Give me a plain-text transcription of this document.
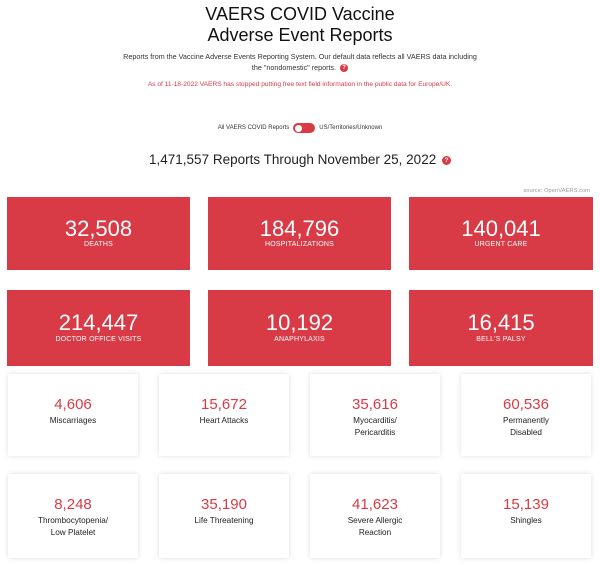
VAERS COVID Vaccine
Adverse Event Reports
Reports from the Vaccine Adverse Events Reporting System. Our default data reflects all VAERS data including the "nondomestic" reports. ?
As of 11-18-2022 VAERS has stopped putting free text field information in the public data for Europe/UK.
All VAERS COVID Reports	US/Territories/Unknown
1,471,557 Reports Through November 25, 2022 ?
source: OpenVAERS.com
32,508
DEATHS
184,796
HOSPITALIZATIONS
140,041
URGENT CARE
214,447
DOCTOR OFFICE VISITS
10,192
ANAPHYLAXIS
16,415
BELL'S PALSY
4,606
Miscarriages
15,672
Heart Attacks
35,616
Myocarditis/
Pericarditis
60,536
Permanently
Disabled
8,248
Thrombocytopenia/
Low Platelet
35,190
Life Threatening
41,623
Severe Allergic
Reaction
15,139
Shingles
